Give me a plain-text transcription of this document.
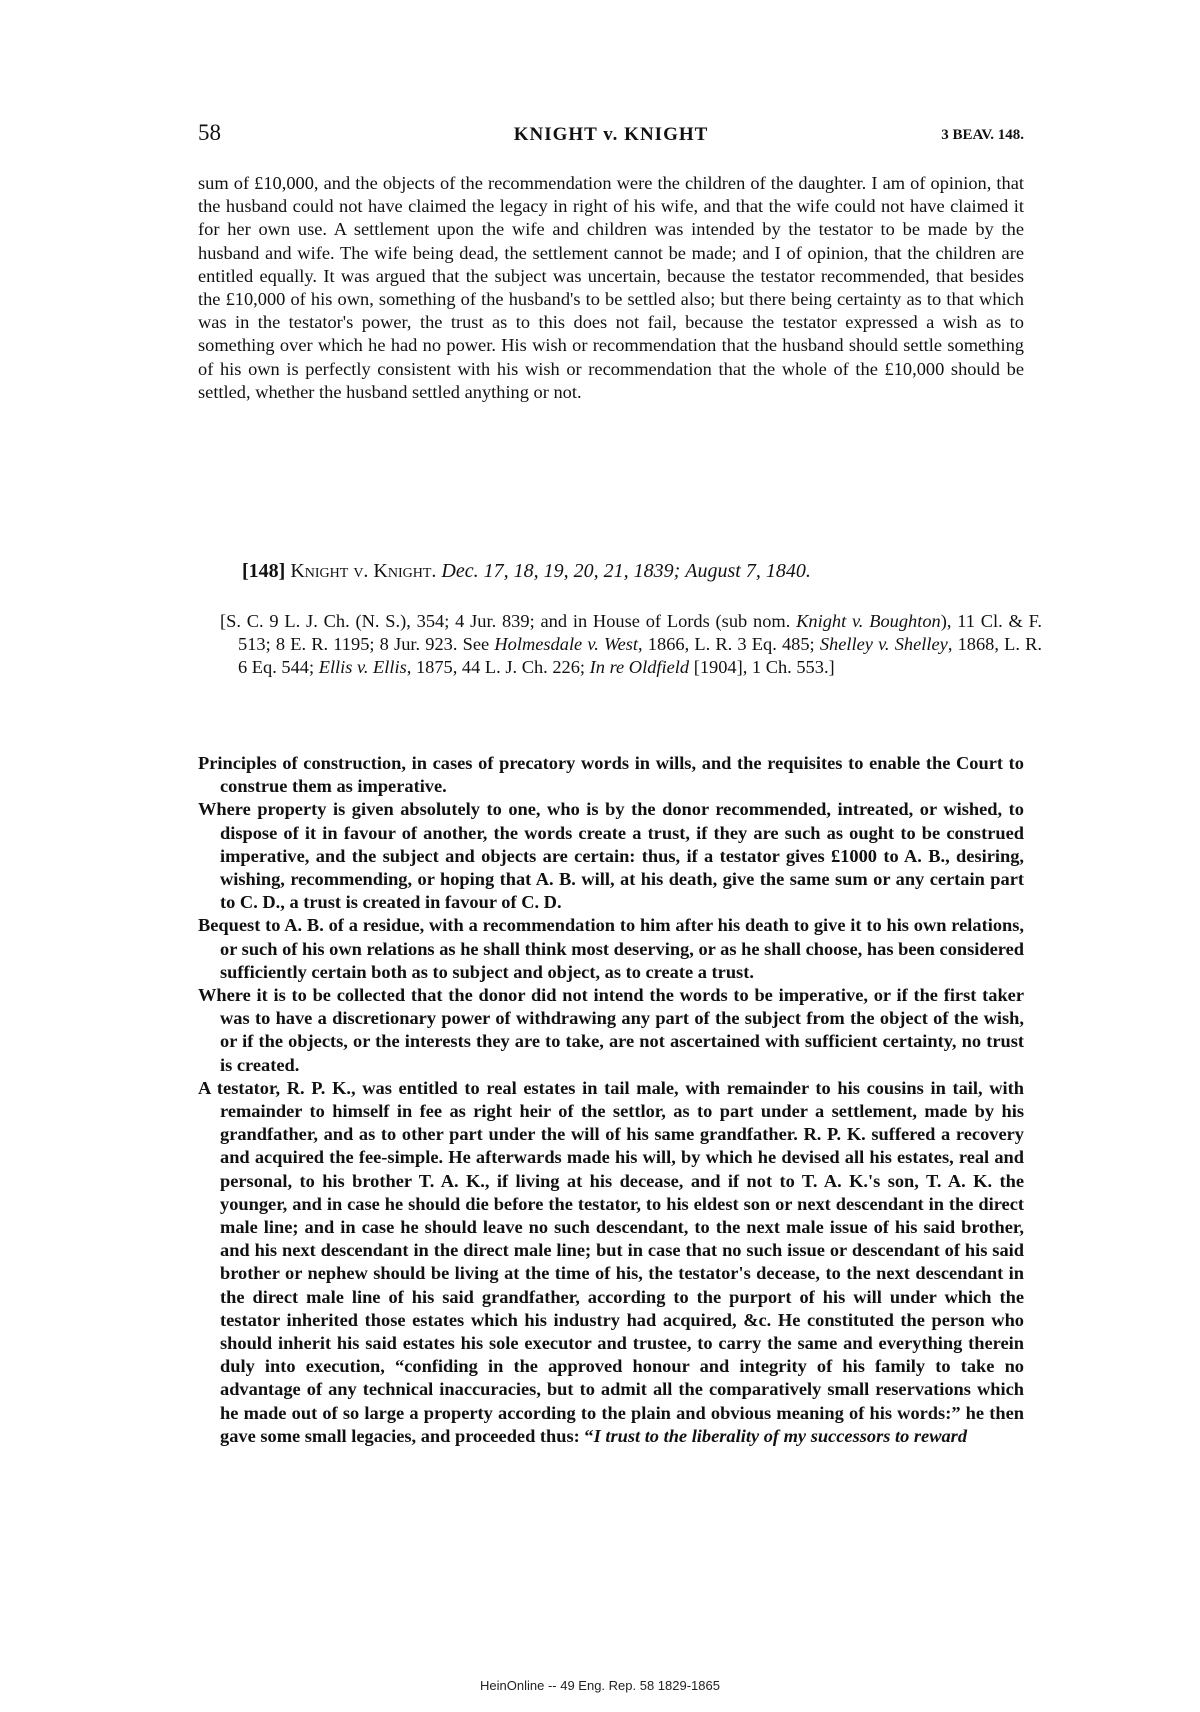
58	KNIGHT v. KNIGHT	3 BEAV. 148.
sum of £10,000, and the objects of the recommendation were the children of the daughter. I am of opinion, that the husband could not have claimed the legacy in right of his wife, and that the wife could not have claimed it for her own use. A settlement upon the wife and children was intended by the testator to be made by the husband and wife. The wife being dead, the settlement cannot be made; and I of opinion, that the children are entitled equally. It was argued that the subject was uncertain, because the testator recommended, that besides the £10,000 of his own, something of the husband's to be settled also; but there being certainty as to that which was in the testator's power, the trust as to this does not fail, because the testator expressed a wish as to something over which he had no power. His wish or recommendation that the husband should settle something of his own is perfectly consistent with his wish or recommendation that the whole of the £10,000 should be settled, whether the husband settled anything or not.
[148] Knight v. Knight. Dec. 17, 18, 19, 20, 21, 1839; August 7, 1840.
[S. C. 9 L. J. Ch. (N. S.), 354; 4 Jur. 839; and in House of Lords (sub nom. Knight v. Boughton), 11 Cl. & F. 513; 8 E. R. 1195; 8 Jur. 923. See Holmesdale v. West, 1866, L. R. 3 Eq. 485; Shelley v. Shelley, 1868, L. R. 6 Eq. 544; Ellis v. Ellis, 1875, 44 L. J. Ch. 226; In re Oldfield [1904], 1 Ch. 553.]

Principles of construction, in cases of precatory words in wills, and the requisites to enable the Court to construe them as imperative.

Where property is given absolutely to one, who is by the donor recommended, intreated, or wished, to dispose of it in favour of another, the words create a trust, if they are such as ought to be construed imperative, and the subject and objects are certain: thus, if a testator gives £1000 to A. B., desiring, wishing, recommending, or hoping that A. B. will, at his death, give the same sum or any certain part to C. D., a trust is created in favour of C. D.

Bequest to A. B. of a residue, with a recommendation to him after his death to give it to his own relations, or such of his own relations as he shall think most deserving, or as he shall choose, has been considered sufficiently certain both as to subject and object, as to create a trust.

Where it is to be collected that the donor did not intend the words to be imperative, or if the first taker was to have a discretionary power of withdrawing any part of the subject from the object of the wish, or if the objects, or the interests they are to take, are not ascertained with sufficient certainty, no trust is created.

A testator, R. P. K., was entitled to real estates in tail male, with remainder to his cousins in tail, with remainder to himself in fee as right heir of the settlor, as to part under a settlement, made by his grandfather, and as to other part under the will of his same grandfather. R. P. K. suffered a recovery and acquired the fee-simple. He afterwards made his will, by which he devised all his estates, real and personal, to his brother T. A. K., if living at his decease, and if not to T. A. K.'s son, T. A. K. the younger, and in case he should die before the testator, to his eldest son or next descendant in the direct male line; and in case he should leave no such descendant, to the next male issue of his said brother, and his next descendant in the direct male line; but in case that no such issue or descendant of his said brother or nephew should be living at the time of his, the testator's decease, to the next descendant in the direct male line of his said grandfather, according to the purport of his will under which the testator inherited those estates which his industry had acquired, &c. He constituted the person who should inherit his said estates his sole executor and trustee, to carry the same and everything therein duly into execution, “confiding in the approved honour and integrity of his family to take no advantage of any technical inaccuracies, but to admit all the comparatively small reservations which he made out of so large a property according to the plain and obvious meaning of his words:” he then gave some small legacies, and proceeded thus: “I trust to the liberality of my successors to reward

HeinOnline -- 49 Eng. Rep. 58 1829-1865
